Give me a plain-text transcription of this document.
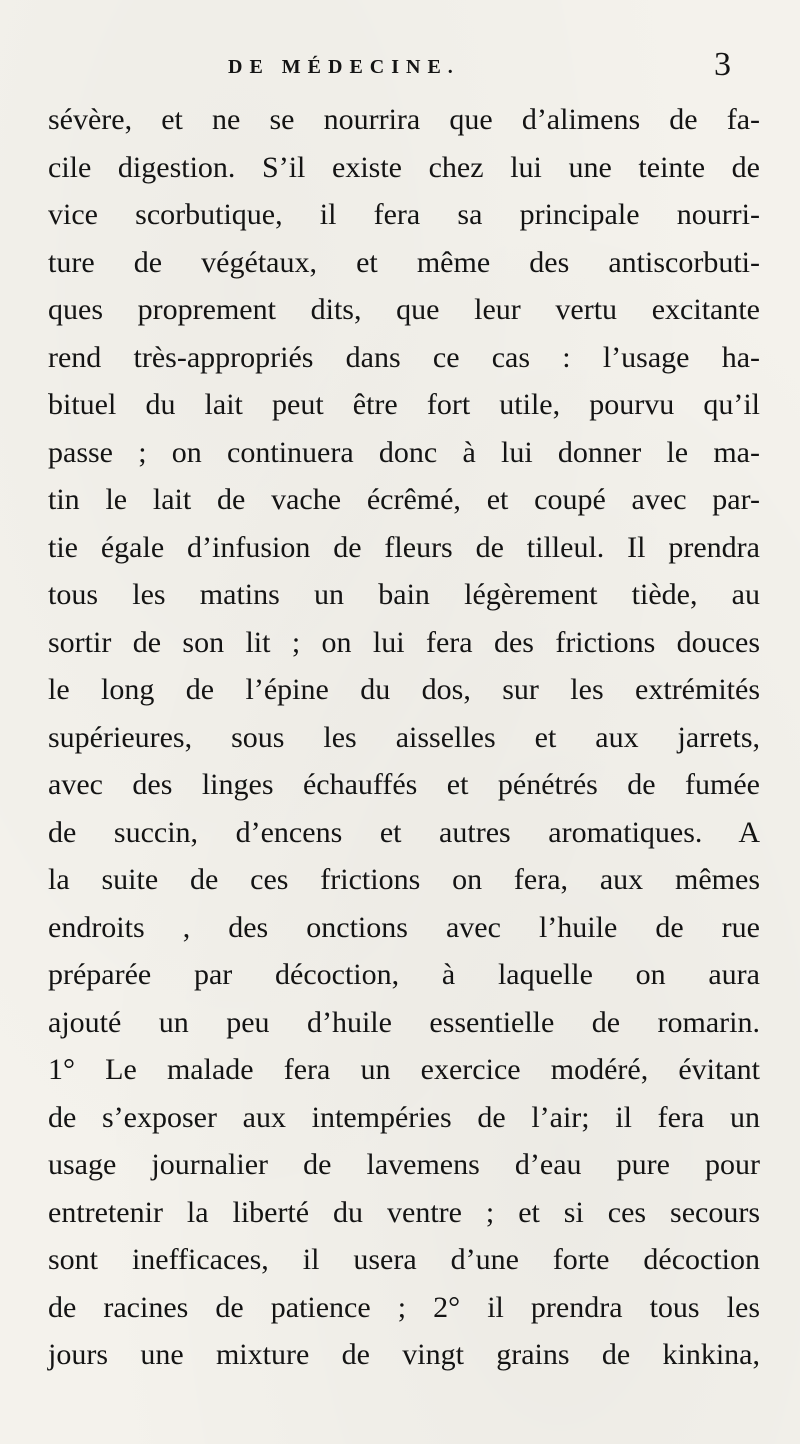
DE MÉDECINE.	3
sévère, et ne se nourrira que d’alimens de fa-
cile digestion. S’il existe chez lui une teinte de
vice scorbutique, il fera sa principale nourri-
ture de végétaux, et même des antiscorbuti-
ques proprement dits, que leur vertu excitante
rend très-appropriés dans ce cas : l’usage ha-
bituel du lait peut être fort utile, pourvu qu’il
passe ; on continuera donc à lui donner le ma-
tin le lait de vache écrêmé, et coupé avec par-
tie égale d’infusion de fleurs de tilleul. Il prendra
tous les matins un bain légèrement tiède, au
sortir de son lit ; on lui fera des frictions douces
le long de l’épine du dos, sur les extrémités
supérieures, sous les aisselles et aux jarrets,
avec des linges échauffés et pénétrés de fumée
de succin, d’encens et autres aromatiques. A
la suite de ces frictions on fera, aux mêmes
endroits , des onctions avec l’huile de rue
préparée par décoction, à laquelle on aura
ajouté un peu d’huile essentielle de romarin.
1° Le malade fera un exercice modéré, évitant
de s’exposer aux intempéries de l’air; il fera un
usage journalier de lavemens d’eau pure pour
entretenir la liberté du ventre ; et si ces secours
sont inefficaces, il usera d’une forte décoction
de racines de patience ; 2° il prendra tous les
jours une mixture de vingt grains de kinkina,
